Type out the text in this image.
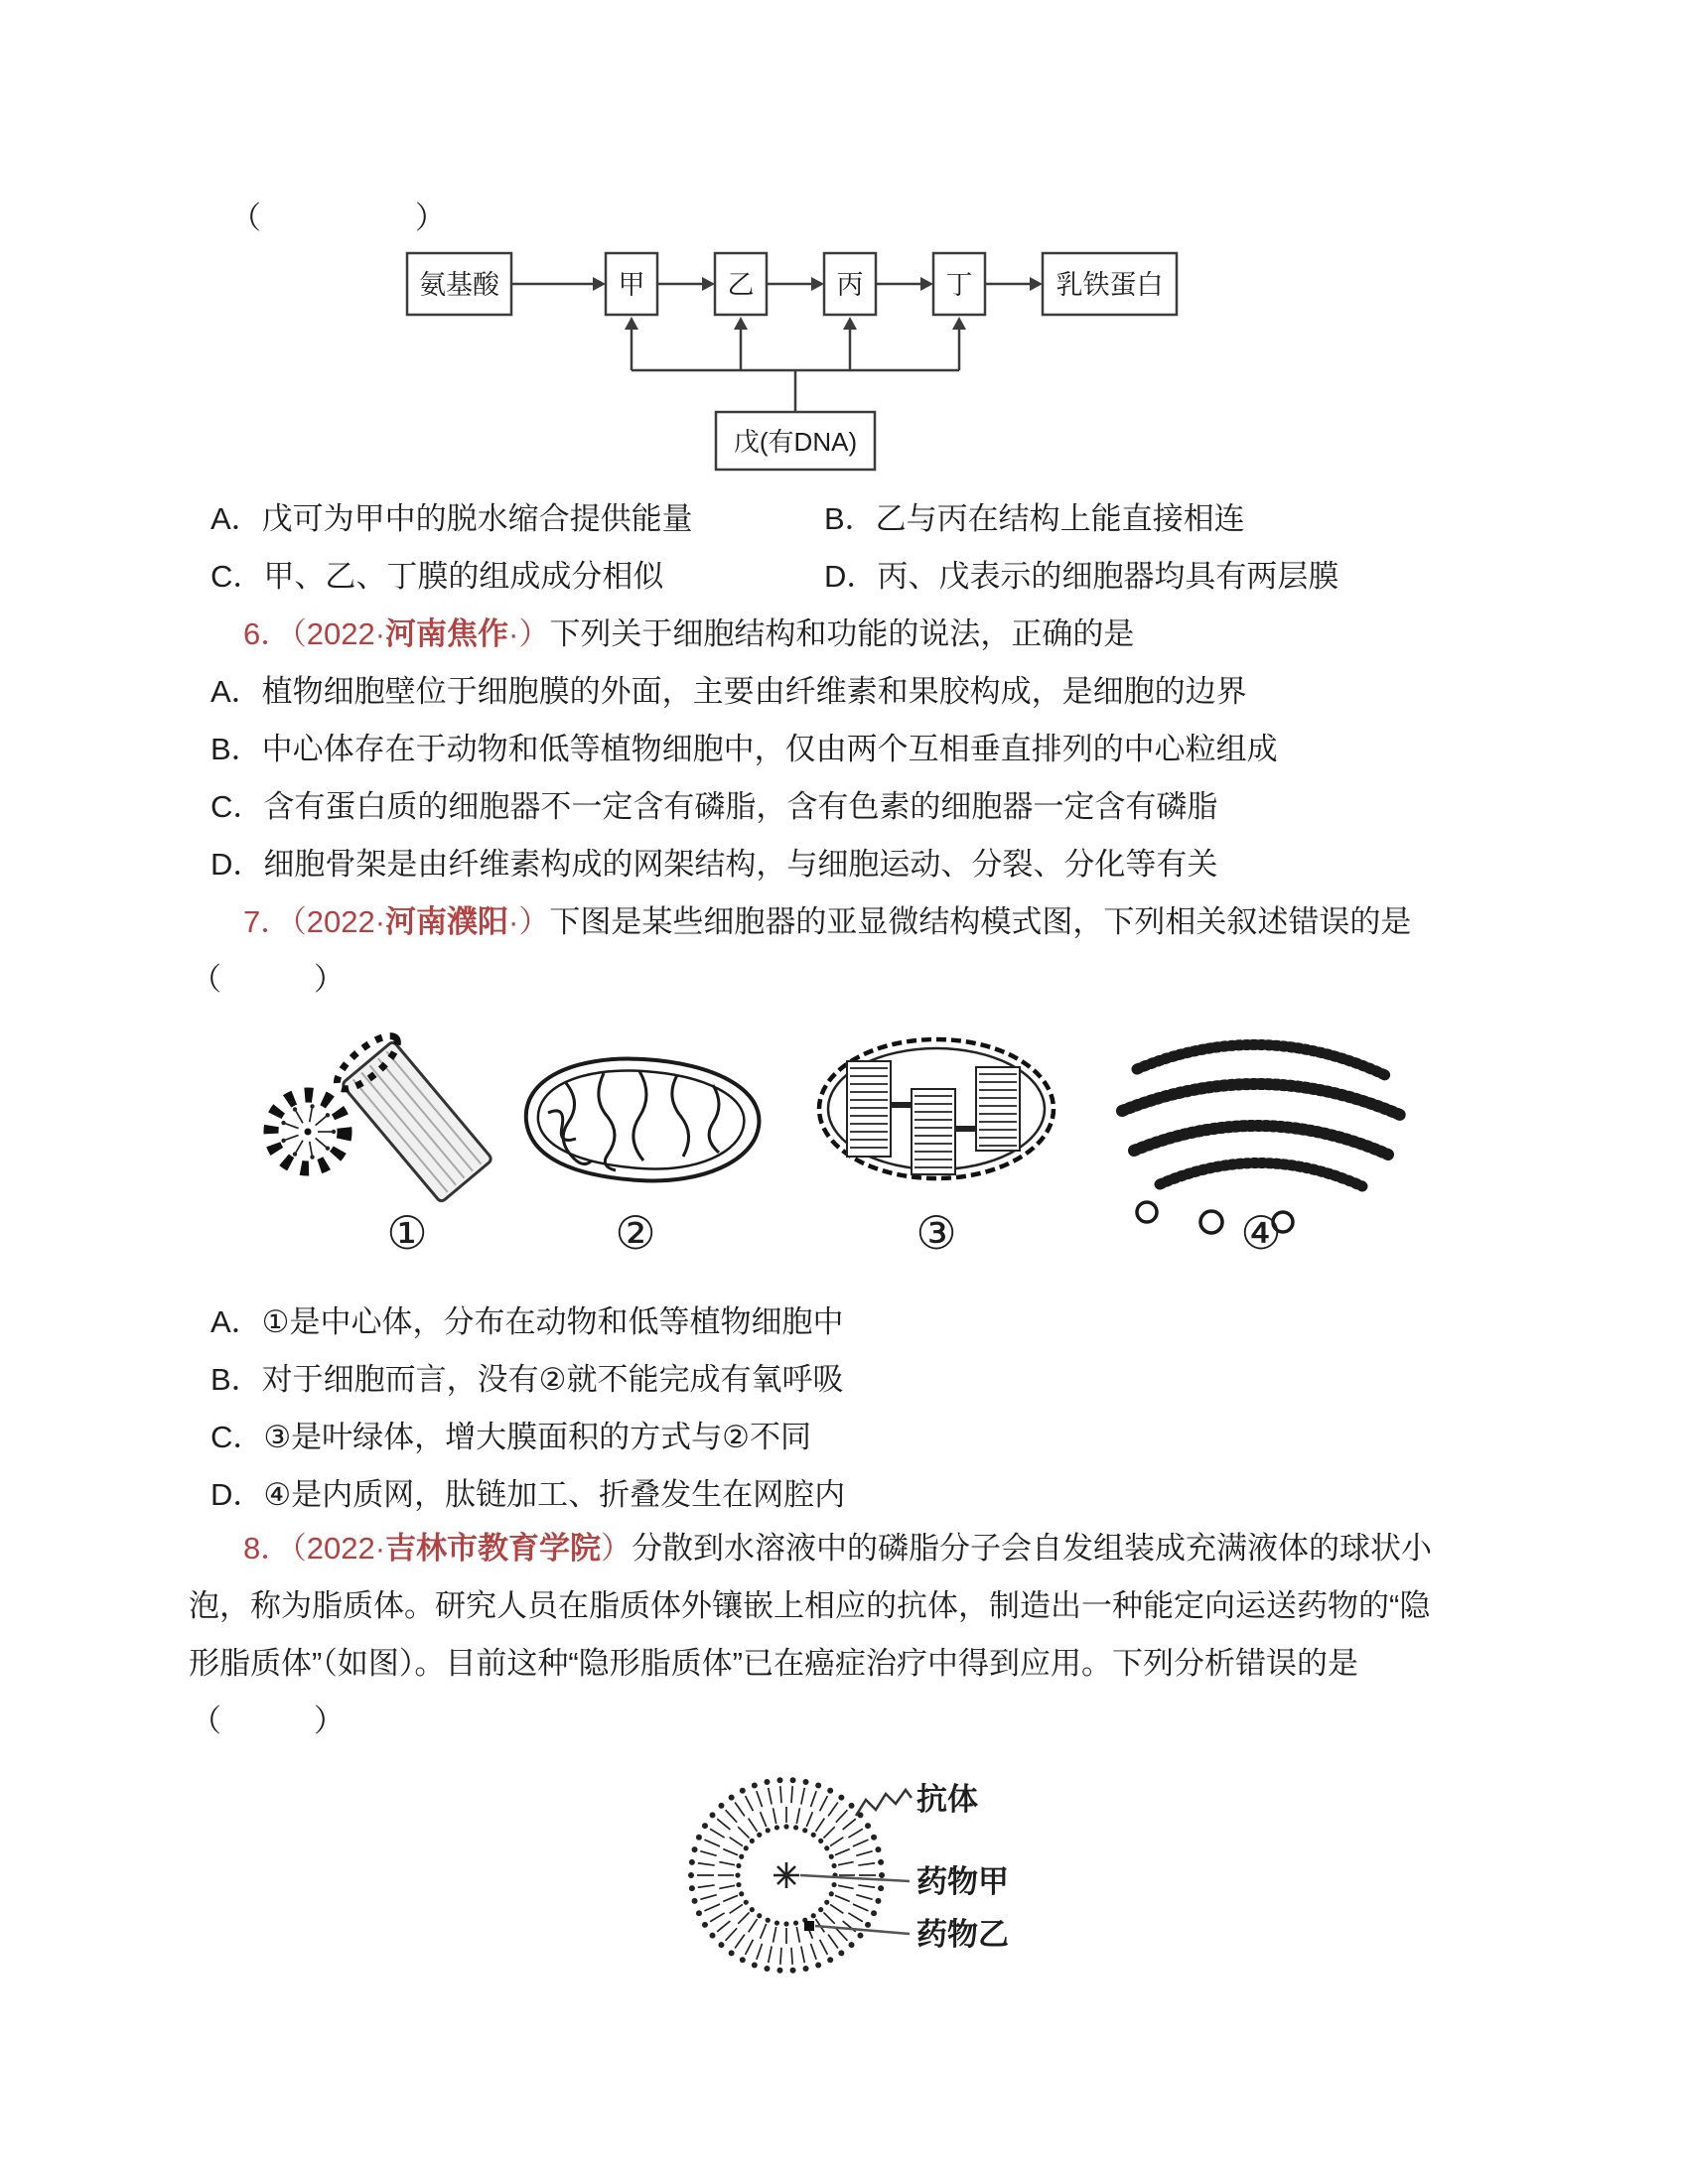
（　　　　　）
氨基酸	甲	乙	丙	丁	乳铁蛋白
戊(有DNA)
A．戊可为甲中的脱水缩合提供能量	B．乙与丙在结构上能直接相连
C．甲、乙、丁膜的组成成分相似	D．丙、戊表示的细胞器均具有两层膜
6．（2022·河南焦作·）下列关于细胞结构和功能的说法，正确的是
A．植物细胞壁位于细胞膜的外面，主要由纤维素和果胶构成，是细胞的边界
B．中心体存在于动物和低等植物细胞中，仅由两个互相垂直排列的中心粒组成
C．含有蛋白质的细胞器不一定含有磷脂，含有色素的细胞器一定含有磷脂
D．细胞骨架是由纤维素构成的网架结构，与细胞运动、分裂、分化等有关
7．（2022·河南濮阳·）下图是某些细胞器的亚显微结构模式图，下列相关叙述错误的是
（　　　）
①	②	③	④
A．①是中心体，分布在动物和低等植物细胞中
B．对于细胞而言，没有②就不能完成有氧呼吸
C．③是叶绿体，增大膜面积的方式与②不同
D．④是内质网，肽链加工、折叠发生在网腔内
8．（2022·吉林市教育学院）分散到水溶液中的磷脂分子会自发组装成充满液体的球状小
泡，称为脂质体。研究人员在脂质体外镶嵌上相应的抗体，制造出一种能定向运送药物的“隐
形脂质体”（如图）。目前这种“隐形脂质体”已在癌症治疗中得到应用。下列分析错误的是
（　　　）
抗体
药物甲
药物乙
